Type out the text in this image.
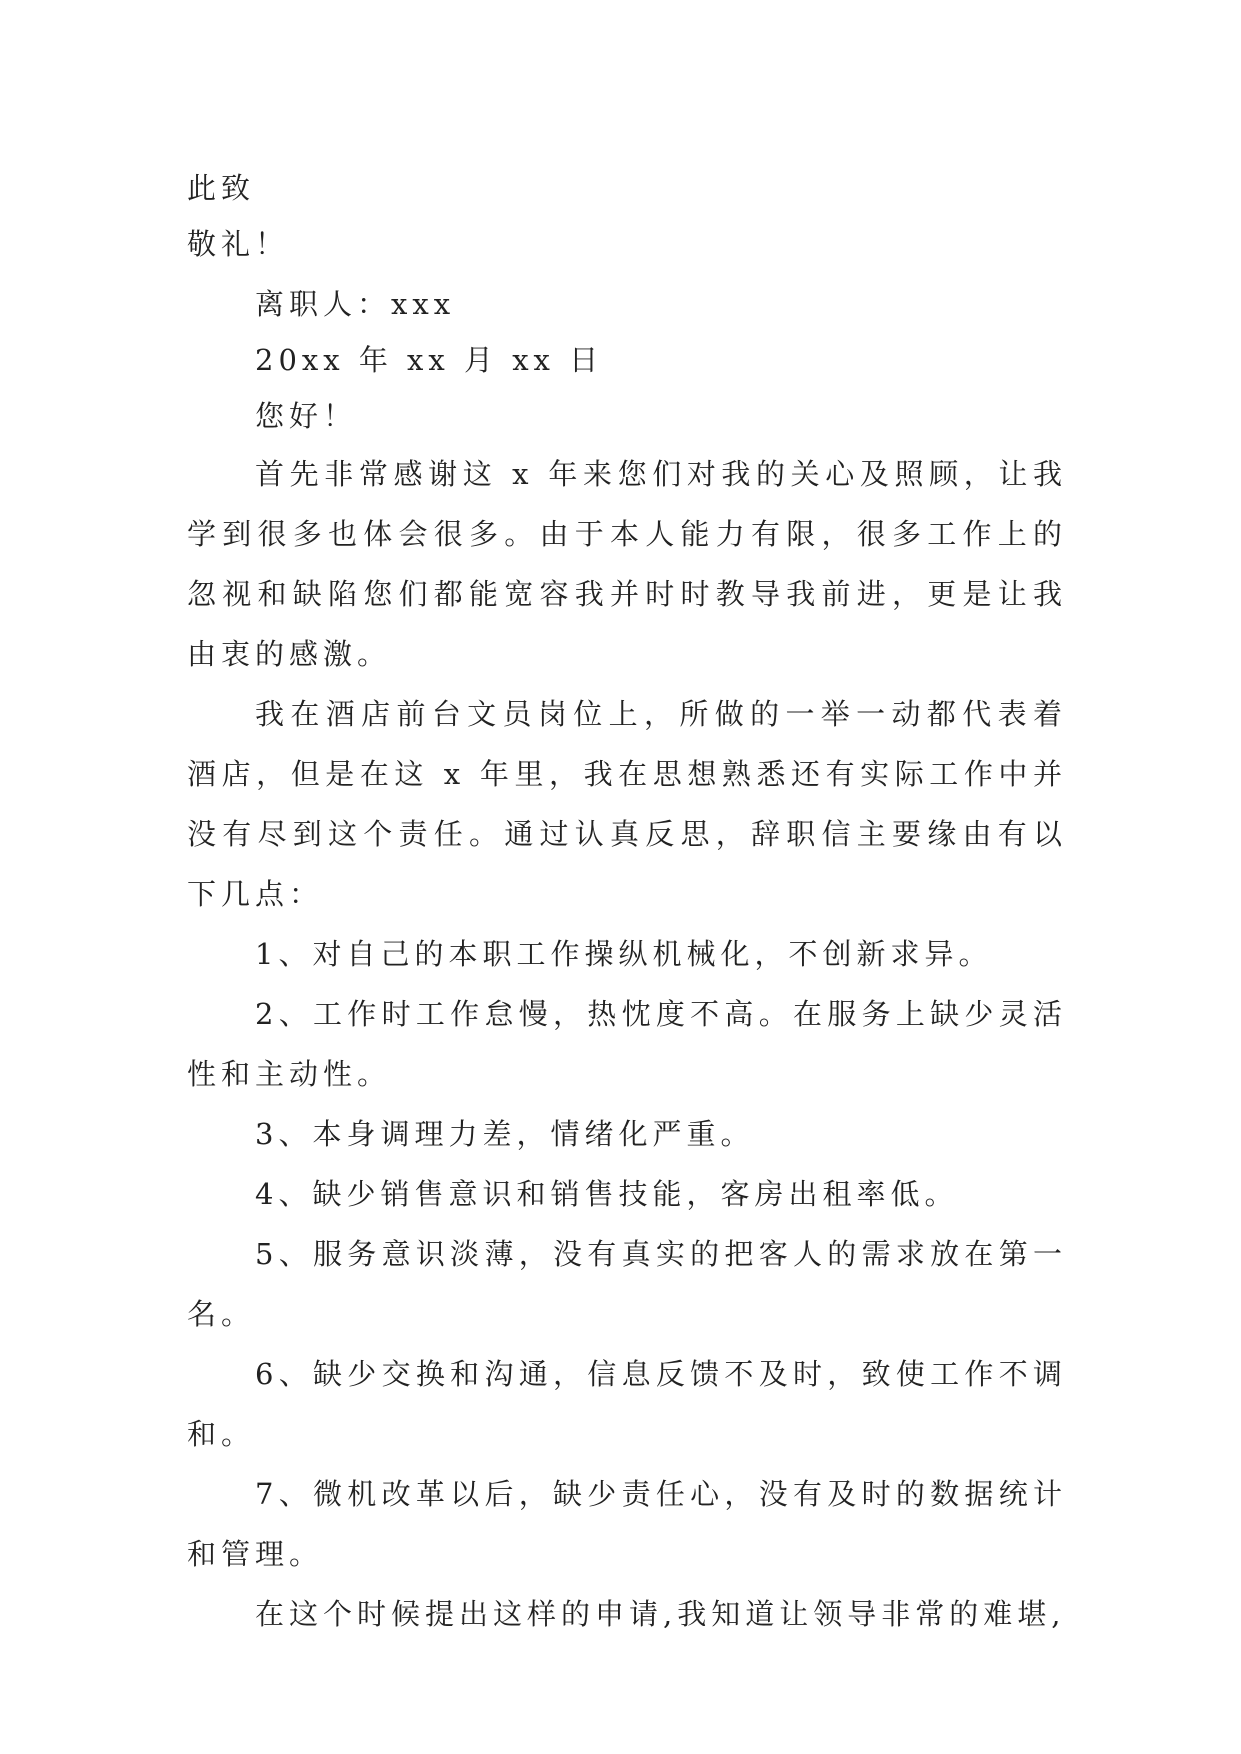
此致

敬礼！

离职人：xxx

20xx 年 xx 月 xx 日

您好！

首先非常感谢这 x 年来您们对我的关心及照顾，让我学到很多也体会很多。由于本人能力有限，很多工作上的忽视和缺陷您们都能宽容我并时时教导我前进，更是让我由衷的感激。

我在酒店前台文员岗位上，所做的一举一动都代表着酒店，但是在这 x 年里，我在思想熟悉还有实际工作中并没有尽到这个责任。通过认真反思，辞职信主要缘由有以下几点：

1、对自己的本职工作操纵机械化，不创新求异。

2、工作时工作怠慢，热忱度不高。在服务上缺少灵活性和主动性。

3、本身调理力差，情绪化严重。

4、缺少销售意识和销售技能，客房出租率低。

5、服务意识淡薄，没有真实的把客人的需求放在第一名。

6、缺少交换和沟通，信息反馈不及时，致使工作不调和。

7、微机改革以后，缺少责任心，没有及时的数据统计和管理。

在这个时候提出这样的申请,我知道让领导非常的难堪,
